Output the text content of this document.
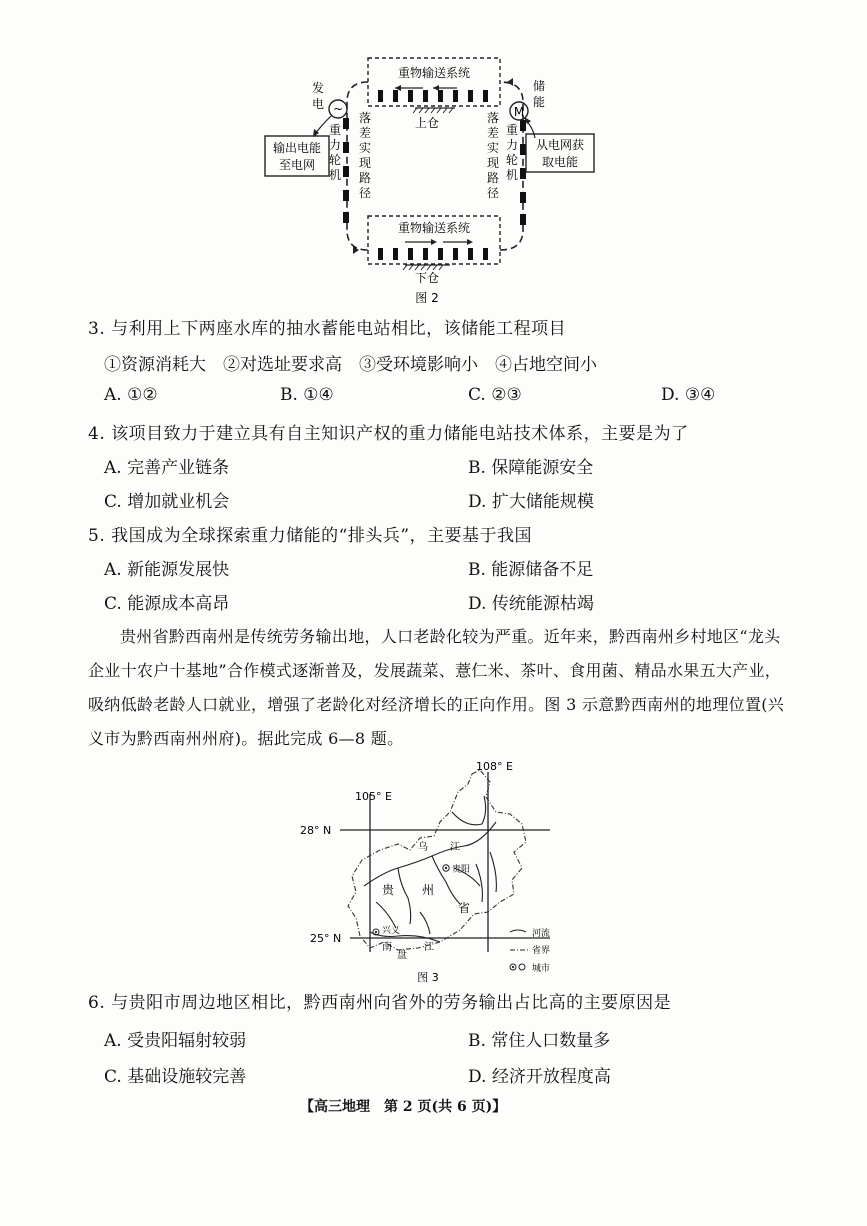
重物输送系统
上仓
重物输送系统
下仓
重
力
轮
机
落
差
实
现
路
径
落
差
实
现
路
径
重
力
轮
机
~
发
电
输出电能
至电网
M
储
能
从电网获
取电能
图 2
3. 与利用上下两座水库的抽水蓄能电站相比，该储能工程项目
①资源消耗大　②对选址要求高　③受环境影响小　④占地空间小
A. ①②	B. ①④	C. ②③	D. ③④
4. 该项目致力于建立具有自主知识产权的重力储能电站技术体系，主要是为了
A. 完善产业链条	B. 保障能源安全
C. 增加就业机会	D. 扩大储能规模
5. 我国成为全球探索重力储能的“排头兵”，主要基于我国
A. 新能源发展快	B. 能源储备不足
C. 能源成本高昂	D. 传统能源枯竭
贵州省黔西南州是传统劳务输出地，人口老龄化较为严重。近年来，黔西南州乡村地区“龙头企业十农户十基地”合作模式逐渐普及，发展蔬菜、薏仁米、茶叶、食用菌、精品水果五大产业，吸纳低龄老龄人口就业，增强了老龄化对经济增长的正向作用。图 3 示意黔西南州的地理位置(兴义市为黔西南州州府)。据此完成 6—8 题。
105° E
108° E
28° N
25° N
乌 江
贵阳
贵 州
省
兴义
南
盘
江
河流
省界
城市
图 3
6. 与贵阳市周边地区相比，黔西南州向省外的劳务输出占比高的主要原因是
A. 受贵阳辐射较弱	B. 常住人口数量多
C. 基础设施较完善	D. 经济开放程度高
【高三地理　第 2 页(共 6 页)】
